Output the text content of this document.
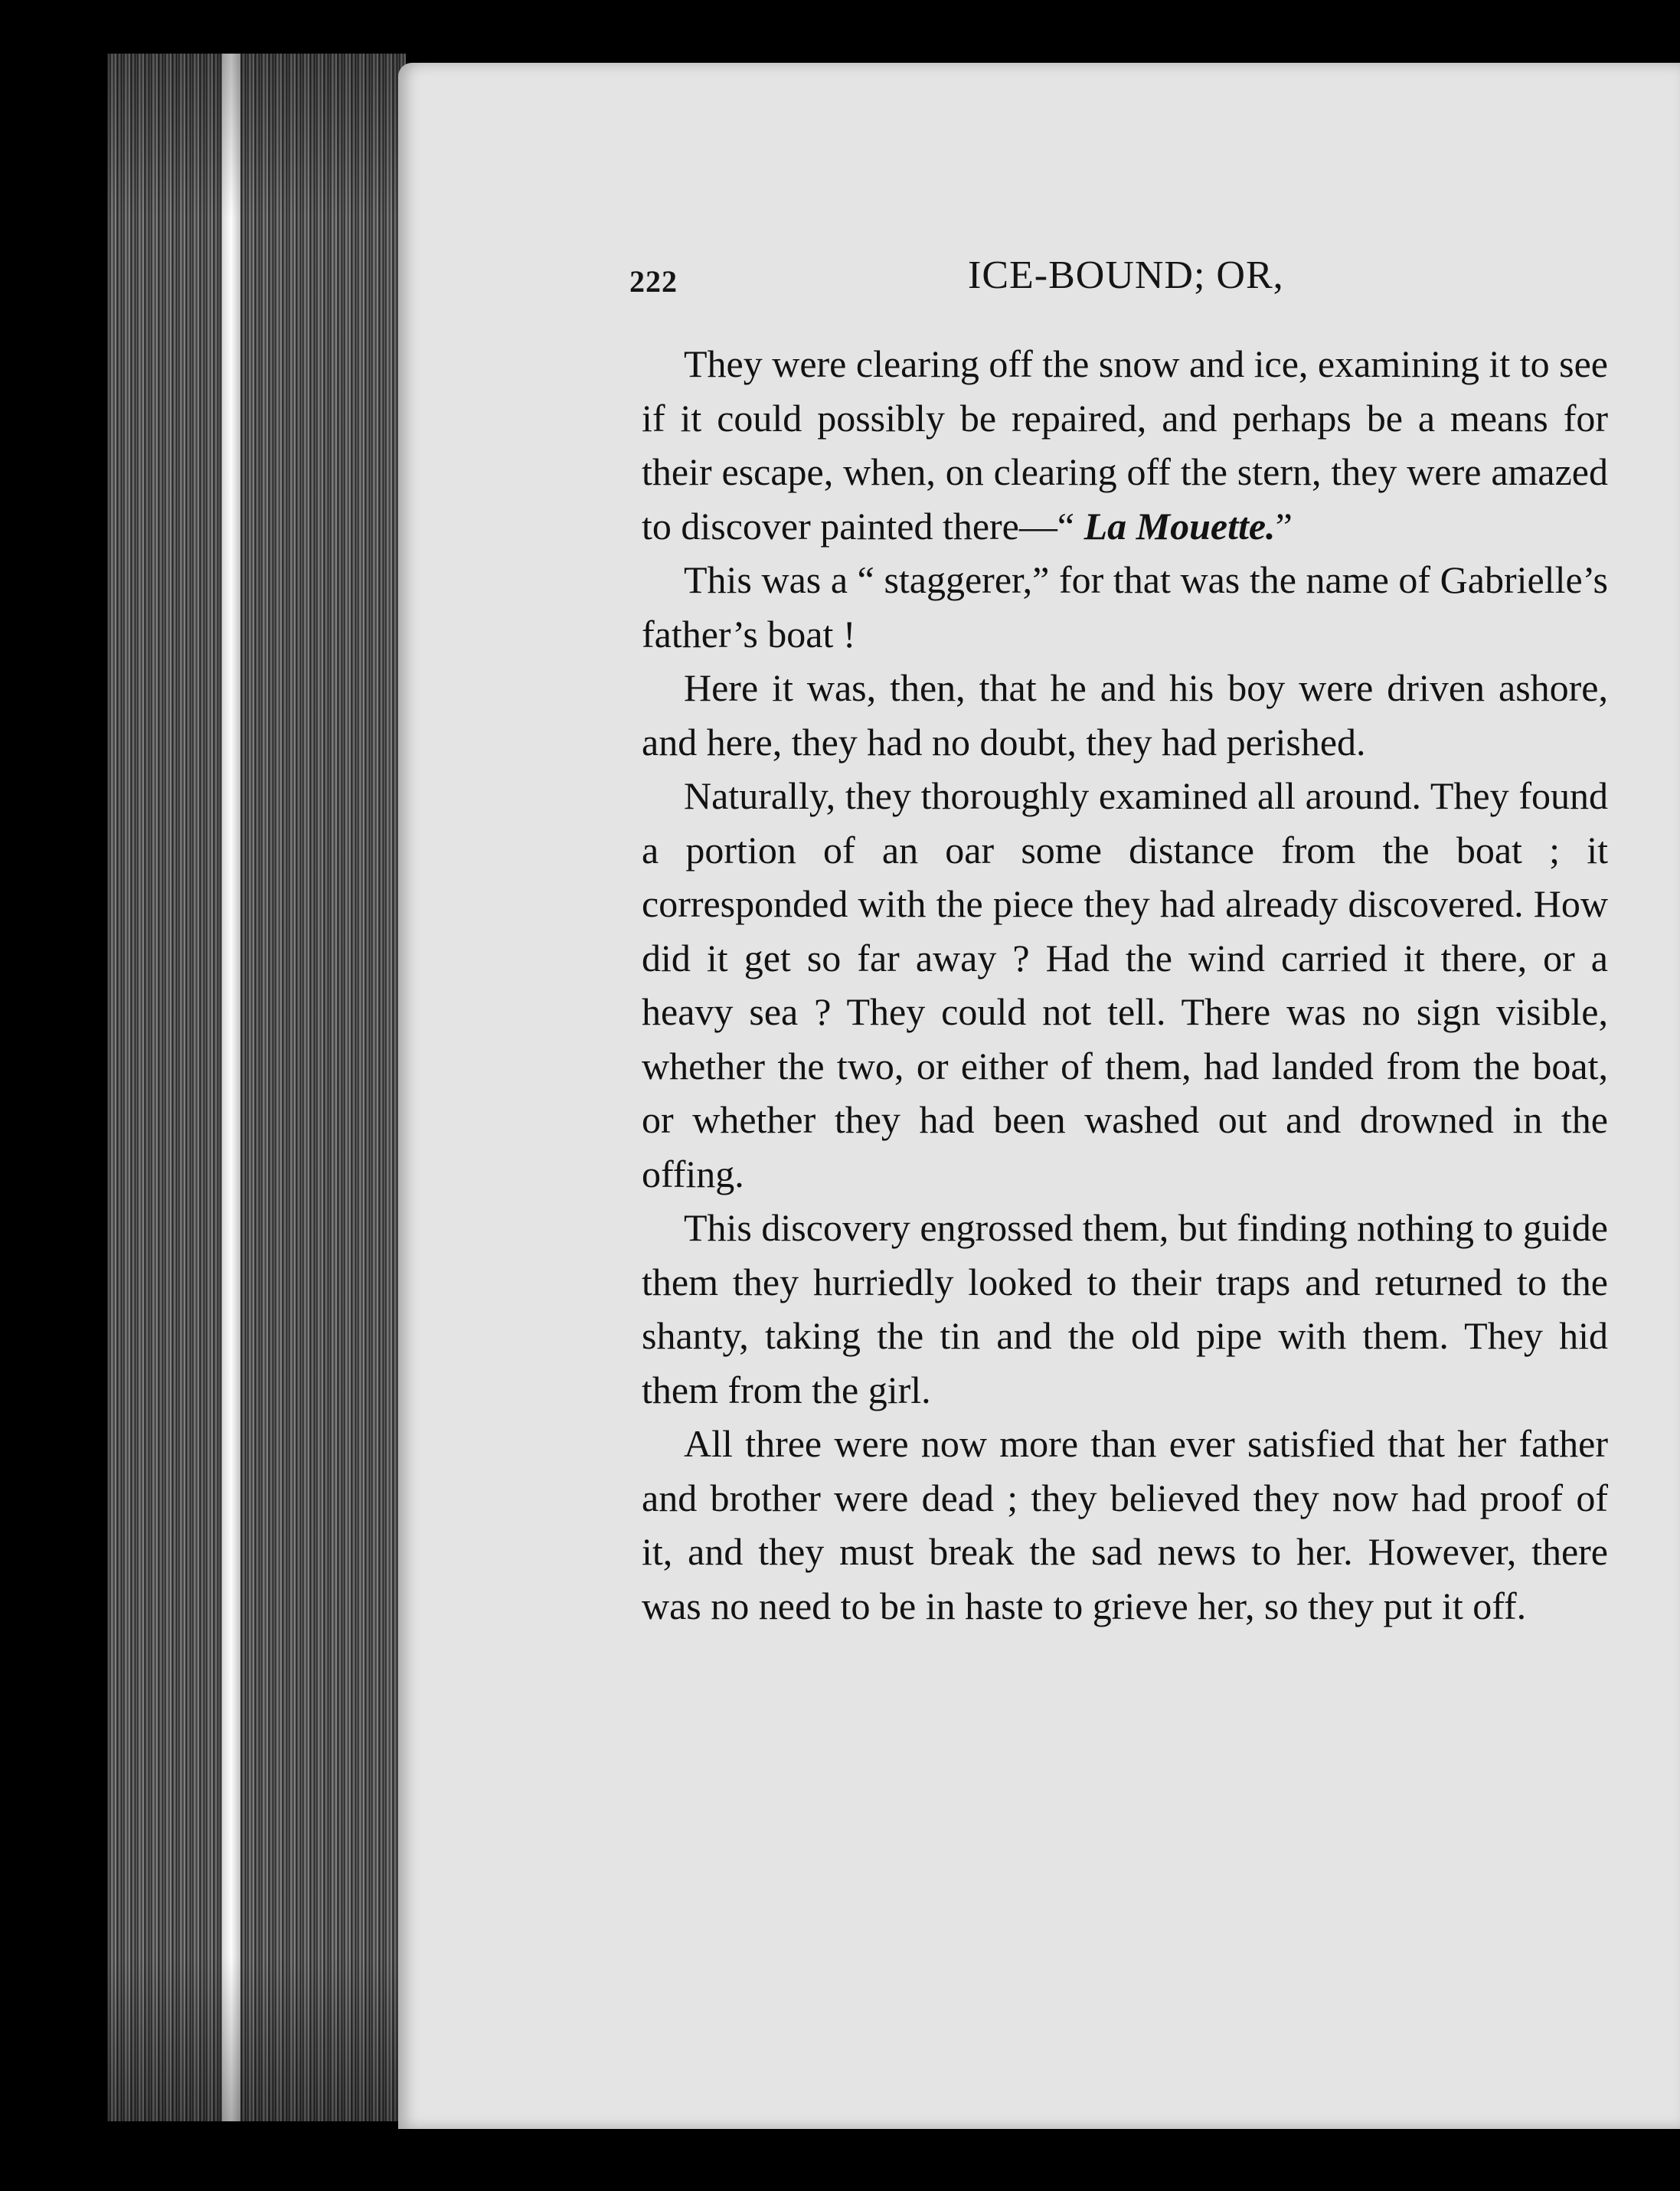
222	ICE-BOUND; OR,

They were clearing off the snow and ice, examining it to see if it could possibly be repaired, and perhaps be a means for their escape, when, on clearing off the stern, they were amazed to discover painted there—“ La Mouette.”

This was a “ staggerer,” for that was the name of Gabrielle’s father’s boat !

Here it was, then, that he and his boy were driven ashore, and here, they had no doubt, they had perished.

Naturally, they thoroughly examined all around. They found a portion of an oar some distance from the boat ; it corresponded with the piece they had already discovered. How did it get so far away ? Had the wind carried it there, or a heavy sea ? They could not tell. There was no sign visible, whether the two, or either of them, had landed from the boat, or whether they had been washed out and drowned in the offing.

This discovery engrossed them, but finding nothing to guide them they hurriedly looked to their traps and returned to the shanty, taking the tin and the old pipe with them. They hid them from the girl.

All three were now more than ever satisfied that her father and brother were dead ; they believed they now had proof of it, and they must break the sad news to her. However, there was no need to be in haste to grieve her, so they put it off.
